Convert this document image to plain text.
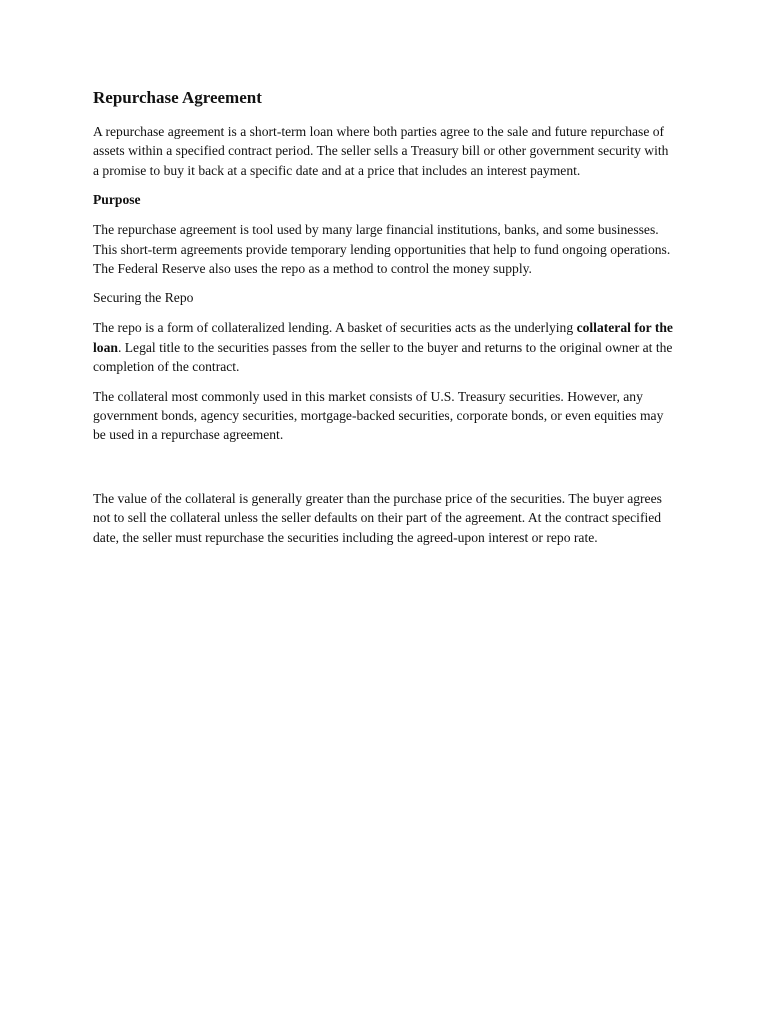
Repurchase Agreement

A repurchase agreement is a short-term loan where both parties agree to the sale and future repurchase of assets within a specified contract period. The seller sells a Treasury bill or other government security with a promise to buy it back at a specific date and at a price that includes an interest payment.

Purpose

The repurchase agreement is tool used by many large financial institutions, banks, and some businesses. This short-term agreements provide temporary lending opportunities that help to fund ongoing operations. The Federal Reserve also uses the repo as a method to control the money supply.

Securing the Repo

The repo is a form of collateralized lending. A basket of securities acts as the underlying collateral for the loan. Legal title to the securities passes from the seller to the buyer and returns to the original owner at the completion of the contract.

The collateral most commonly used in this market consists of U.S. Treasury securities. However, any government bonds, agency securities, mortgage-backed securities, corporate bonds, or even equities may be used in a repurchase agreement.

The value of the collateral is generally greater than the purchase price of the securities. The buyer agrees not to sell the collateral unless the seller defaults on their part of the agreement. At the contract specified date, the seller must repurchase the securities including the agreed-upon interest or repo rate.
